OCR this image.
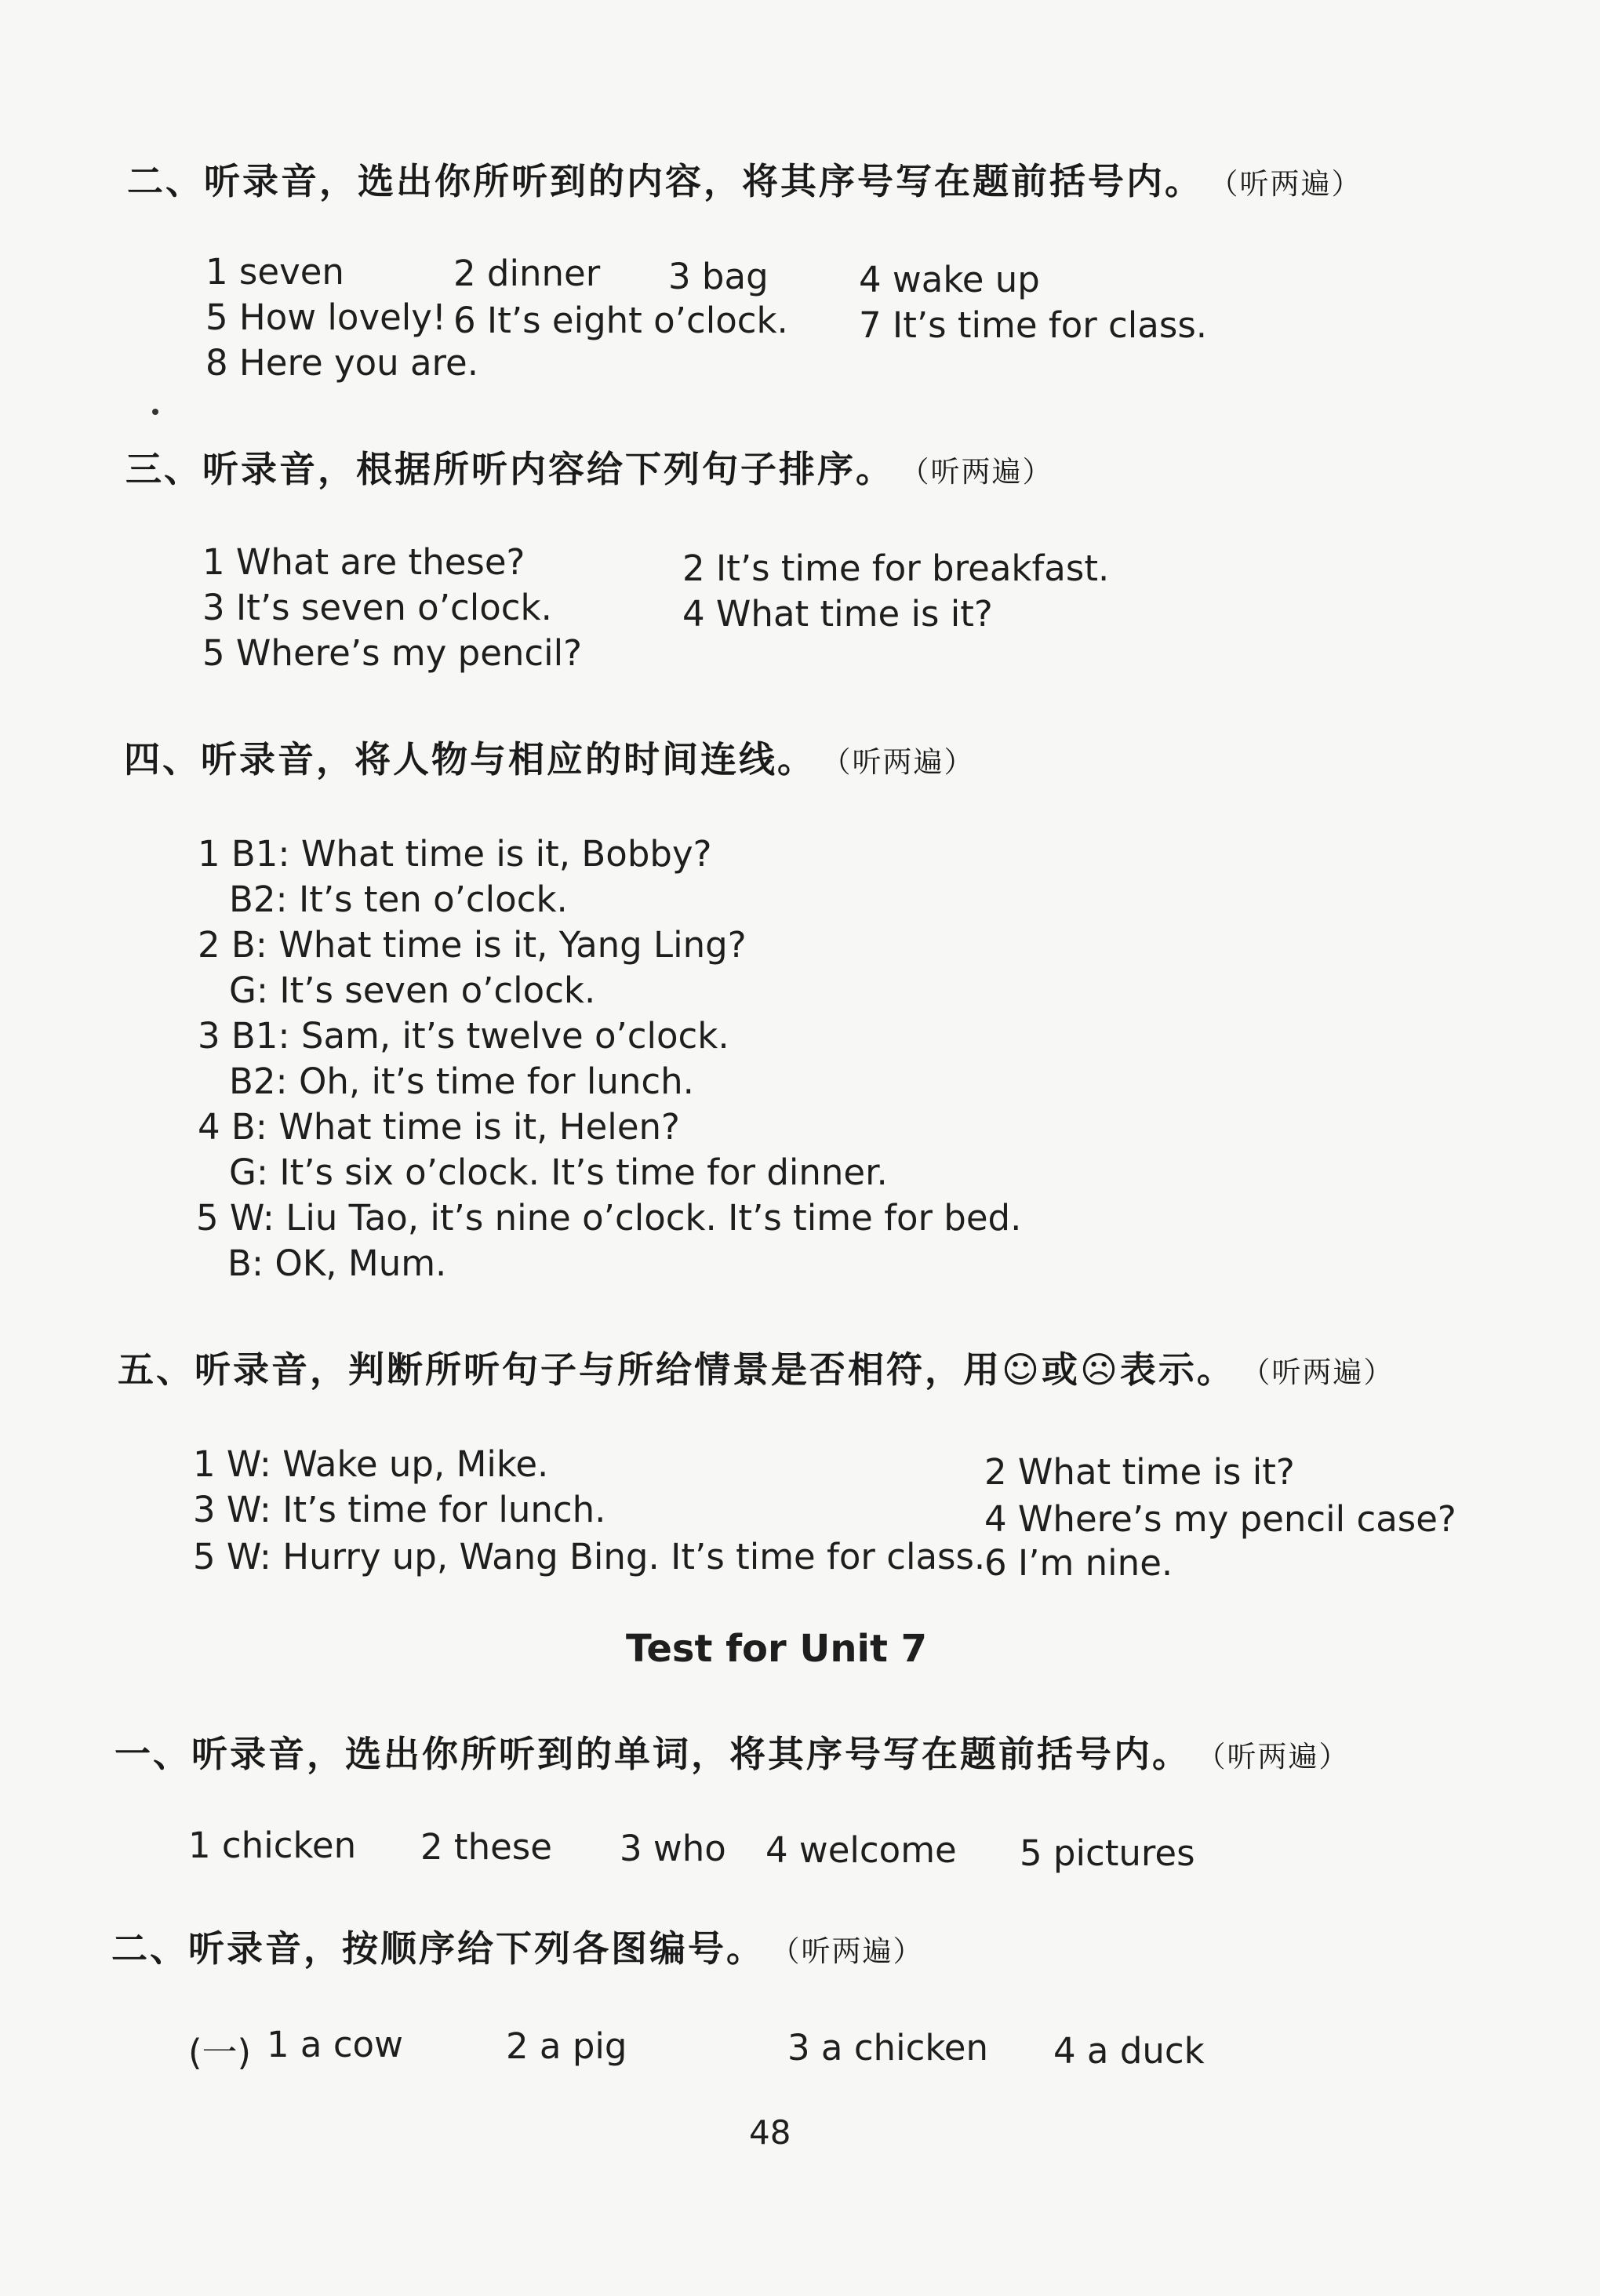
二、听录音，选出你所听到的内容，将其序号写在题前括号内。 （听两遍）
1 seven	2 dinner 3 bag	4 wake up
5 How lovely! 6 It’s eight o’clock. 7 It’s time for class.
8 Here you are.
三、听录音，根据所听内容给下列句子排序。 （听两遍）
1 What are these?	2 It’s time for breakfast.
3 It’s seven o’clock.	4 What time is it?
5 Where’s my pencil?
四、听录音，将人物与相应的时间连线。 （听两遍）
1 B1: What time is it, Bobby?
B2: It’s ten o’clock.
2 B: What time is it, Yang Ling?
G: It’s seven o’clock.
3 B1: Sam, it’s twelve o’clock.
B2: Oh, it’s time for lunch.
4 B: What time is it, Helen?
G: It’s six o’clock. It’s time for dinner.
5 W: Liu Tao, it’s nine o’clock. It’s time for bed.
B: OK, Mum.
五、听录音，判断所听句子与所给情景是否相符，用☺或☹表示。 （听两遍）
1 W: Wake up, Mike.	2 What time is it?
3 W: It’s time for lunch.	4 Where’s my pencil case?
5 W: Hurry up, Wang Bing. It’s time for class.
6 I’m nine.
Test for Unit 7
一、听录音，选出你所听到的单词，将其序号写在题前括号内。 （听两遍）
1 chicken 2 these 3 who 4 welcome 5 pictures
二、听录音，按顺序给下列各图编号。 （听两遍）
(一) 1 a cow	2 a pig	3 a chicken 4 a duck
48
